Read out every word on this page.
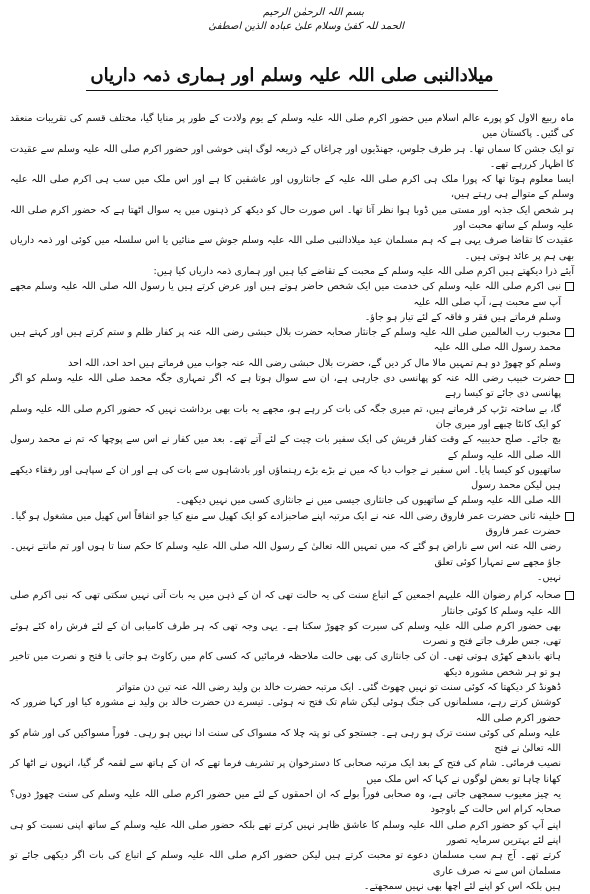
بسم اللہ الرحمٰن الرحیم
الحمد للہ کفیٰ وسلام علیٰ عبادہ الذین اصطفیٰ
میلادالنبی صلی اللہ علیہ وسلم اور ہماری ذمہ داریاں
ماہ ربیع الاول کو پورے عالم اسلام میں حضور اکرم صلی اللہ علیہ وسلم کے یوم ولادت کے طور پر منایا گیا، مختلف قسم کی تقریبات منعقد کی گئیں۔ پاکستان میں
تو ایک جشن کا سماں تھا۔ ہر طرف جلوس، جھنڈیوں اور چراغاں کے ذریعہ لوگ اپنی خوشی اور حضور اکرم صلی اللہ علیہ وسلم سے عقیدت کا اظہار کررہے تھے۔
ایسا معلوم ہوتا تھا کہ پورا ملک ہی اکرم صلی اللہ علیہ کے جانثاروں اور عاشقین کا ہے اور اس ملک میں سب ہی اکرم صلی اللہ علیہ وسلم کے متوالے ہی رہتے ہیں،
ہر شخص ایک جذبہ اور مستی میں ڈوبا ہوا نظر آتا تھا۔ اس صورت حال کو دیکھ کر ذہنوں میں یہ سوال اٹھتا ہے کہ حضور اکرم صلی اللہ علیہ وسلم کے ساتھ محبت اور
عقیدت کا تقاضا صرف یہی ہے کہ ہم مسلمان عید میلادالنبی صلی اللہ علیہ وسلم جوش سے منائیں یا اس سلسلہ میں کوئی اور ذمہ داریاں بھی ہم پر عائد ہوتی ہیں۔
آیئے ذرا دیکھتے ہیں اکرم صلی اللہ علیہ وسلم کے محبت کے تقاضے کیا ہیں اور ہماری ذمہ داریاں کیا ہیں:
نبی اکرم صلی اللہ علیہ وسلم کی خدمت میں ایک شخص حاضر ہوتے ہیں اور عرض کرتے ہیں یا رسول اللہ صلی اللہ علیہ وسلم مجھے آپ سے محبت ہے، آپ صلی اللہ علیہ
وسلم فرماتے ہیں فقر و فاقہ کے لئے تیار ہو جاؤ۔
محبوب رب العالمین صلی اللہ علیہ وسلم کے جانثار صحابہ حضرت بلال حبشی رضی اللہ عنہ پر کفار ظلم و ستم کرتے ہیں اور کہتے ہیں محمد رسول اللہ صلی اللہ علیہ
وسلم کو چھوڑ دو ہم تمہیں مالا مال کر دیں گے، حضرت بلال حبشی رضی اللہ عنہ جواب میں فرماتے ہیں احد احد، اللہ احد
حضرت خبیب رضی اللہ عنہ کو پھانسی دی جارہی ہے، ان سے سوال ہوتا ہے کہ اگر تمہاری جگہ محمد صلی اللہ علیہ وسلم کو اگر پھانسی دی جائے تو کیسا رہے
گا، بے ساختہ تڑپ کر فرماتے ہیں، تم میری جگہ کی بات کر رہے ہو، مجھے یہ بات بھی برداشت نہیں کہ حضور اکرم صلی اللہ علیہ وسلم کو ایک کانٹا چبھے اور میری جان
بچ جائے۔ صلح حدیبیہ کے وقت کفار قریش کی ایک سفیر بات چیت کے لئے آتے تھے۔ بعد میں کفار نے اس سے پوچھا کہ تم نے محمد رسول اللہ صلی اللہ علیہ وسلم کے
ساتھیوں کو کیسا پایا۔ اس سفیر نے جواب دیا کہ میں نے بڑے بڑے رہنماؤں اور بادشاہوں سے بات کی ہے اور ان کے سپاہی اور رفقاء دیکھے ہیں لیکن محمد رسول
اللہ صلی اللہ علیہ وسلم کے ساتھیوں کی جانثاری جیسی میں نے جانثاری کسی میں نہیں دیکھی۔
خلیفہ ثانی حضرت عمر فاروق رضی اللہ عنہ نے ایک مرتبہ اپنے صاحبزادے کو ایک کھیل سے منع کیا جو اتفاقاً اس کھیل میں مشغول ہو گیا۔ حضرت عمر فاروق
رضی اللہ عنہ اس سے ناراض ہو گئے کہ میں تمہیں اللہ تعالیٰ کے رسول اللہ صلی اللہ علیہ وسلم کا حکم سنا تا ہوں اور تم مانتے نہیں۔ جاؤ مجھے سے تمہارا کوئی تعلق
نہیں۔
صحابہ کرام رضوان اللہ علیہم اجمعین کے اتباع سنت کی یہ حالت تھی کہ ان کے ذہن میں یہ بات آتی نہیں سکتی تھی کہ نبی اکرم صلی اللہ علیہ وسلم کا کوئی جانثار
بھی حضور اکرم صلی اللہ علیہ وسلم کی سیرت کو چھوڑ سکتا ہے۔ یہی وجہ تھی کہ ہر طرف کامیابی ان کے لئے فرش راہ کئے ہوئے تھی، جس طرف جاتے فتح و نصرت
ہاتھ باندھے کھڑی ہوتی تھی۔ ان کی جانثاری کی بھی حالت ملاحظہ فرمائیں کہ کسی کام میں رکاوٹ ہو جاتی یا فتح و نصرت میں تاخیر ہو تو ہر شخص مشورہ دیکھ
ڈھونڈ کر دیکھتا کہ کوئی سنت تو نہیں چھوٹ گئی۔ ایک مرتبہ حضرت خالد بن ولید رضی اللہ عنہ تین دن متواتر
کوشش کرتے رہے، مسلمانوں کی جنگ ہوئی لیکن شام تک فتح نہ ہوئی۔ تیسرے دن حضرت خالد بن ولید نے مشورہ کیا اور کہا ضرور کہ حضور اکرم صلی اللہ
علیہ وسلم کی کوئی سنت ترک ہو رہی ہے۔ جستجو کی تو پتہ چلا کہ مسواک کی سنت ادا نہیں ہو رہی۔ فوراً مسواکیں کی اور شام کو اللہ تعالیٰ نے فتح
نصیب فرمائی۔ شام کی فتح کے بعد ایک مرتبہ صحابی کا دسترخوان پر تشریف فرما تھے کہ ان کے ہاتھ سے لقمہ گر گیا، انہوں نے اٹھا کر کھانا چاہا تو بعض لوگوں نے کہا کہ اس ملک میں
یہ چیز معیوب سمجھی جاتی ہے، وہ صحابی فوراً بولے کہ ان احمقوں کے لئے میں حضور اکرم صلی اللہ علیہ وسلم کی سنت چھوڑ دوں؟ صحابہ کرام اس حالت کے باوجود
اپنے آپ کو حضور اکرم صلی اللہ علیہ وسلم کا عاشق ظاہر نہیں کرتے تھے بلکہ حضور صلی اللہ علیہ وسلم کے ساتھ اپنی نسبت کو ہی اپنے لئے بہترین سرمایہ تصور
کرتے تھے۔ آج ہم سب مسلمان دعوے تو محبت کرتے ہیں لیکن حضور اکرم صلی اللہ علیہ وسلم کے اتباع کی بات اگر دیکھی جائے تو مسلمان اس سے نہ صرف عاری
ہیں بلکہ اس کو اپنے لئے اچھا بھی نہیں سمجھتے۔
